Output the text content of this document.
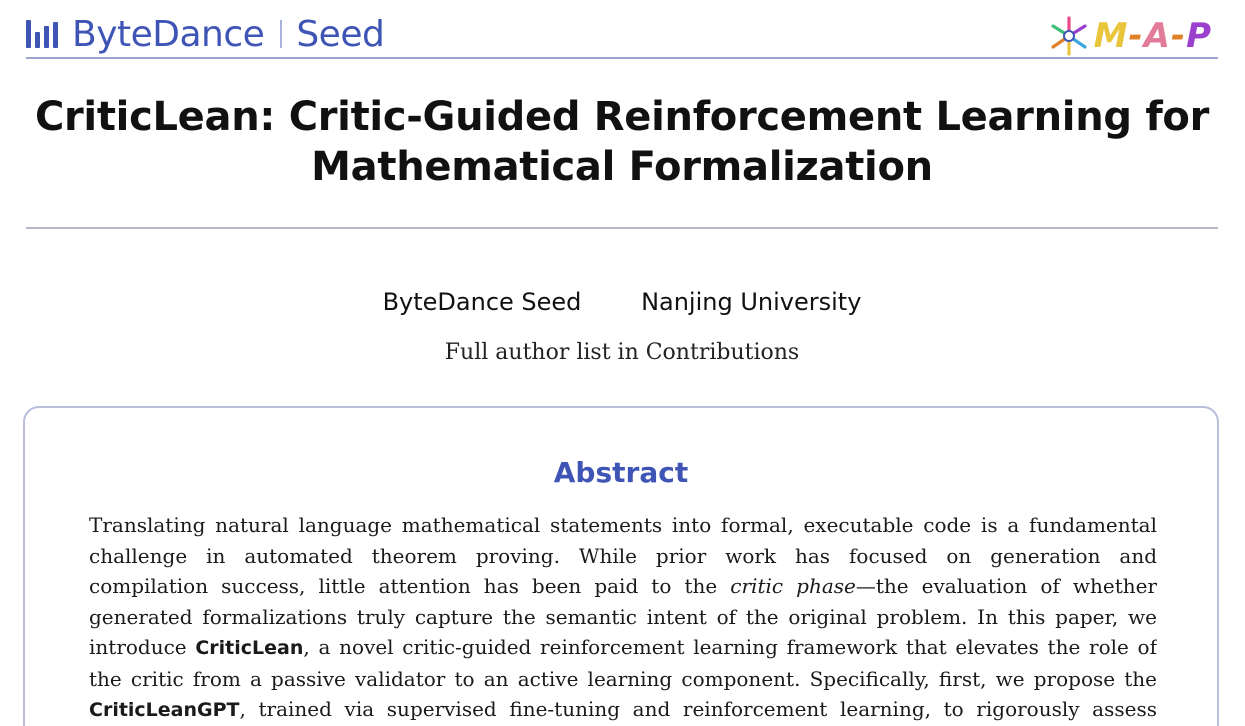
ByteDance Seed	M-A-P
CriticLean: Critic-Guided Reinforcement Learning for
Mathematical Formalization
ByteDance Seed Nanjing University
Full author list in Contributions
Abstract
Translating natural language mathematical statements into formal, executable code is a fundamental
challenge in automated theorem proving. While prior work has focused on generation and
compilation success, little attention has been paid to the critic phase—the evaluation of whether
generated formalizations truly capture the semantic intent of the original problem. In this paper, we
introduce CriticLean, a novel critic-guided reinforcement learning framework that elevates the role of
the critic from a passive validator to an active learning component. Specifically, first, we propose the
CriticLeanGPT, trained via supervised fine-tuning and reinforcement learning, to rigorously assess
